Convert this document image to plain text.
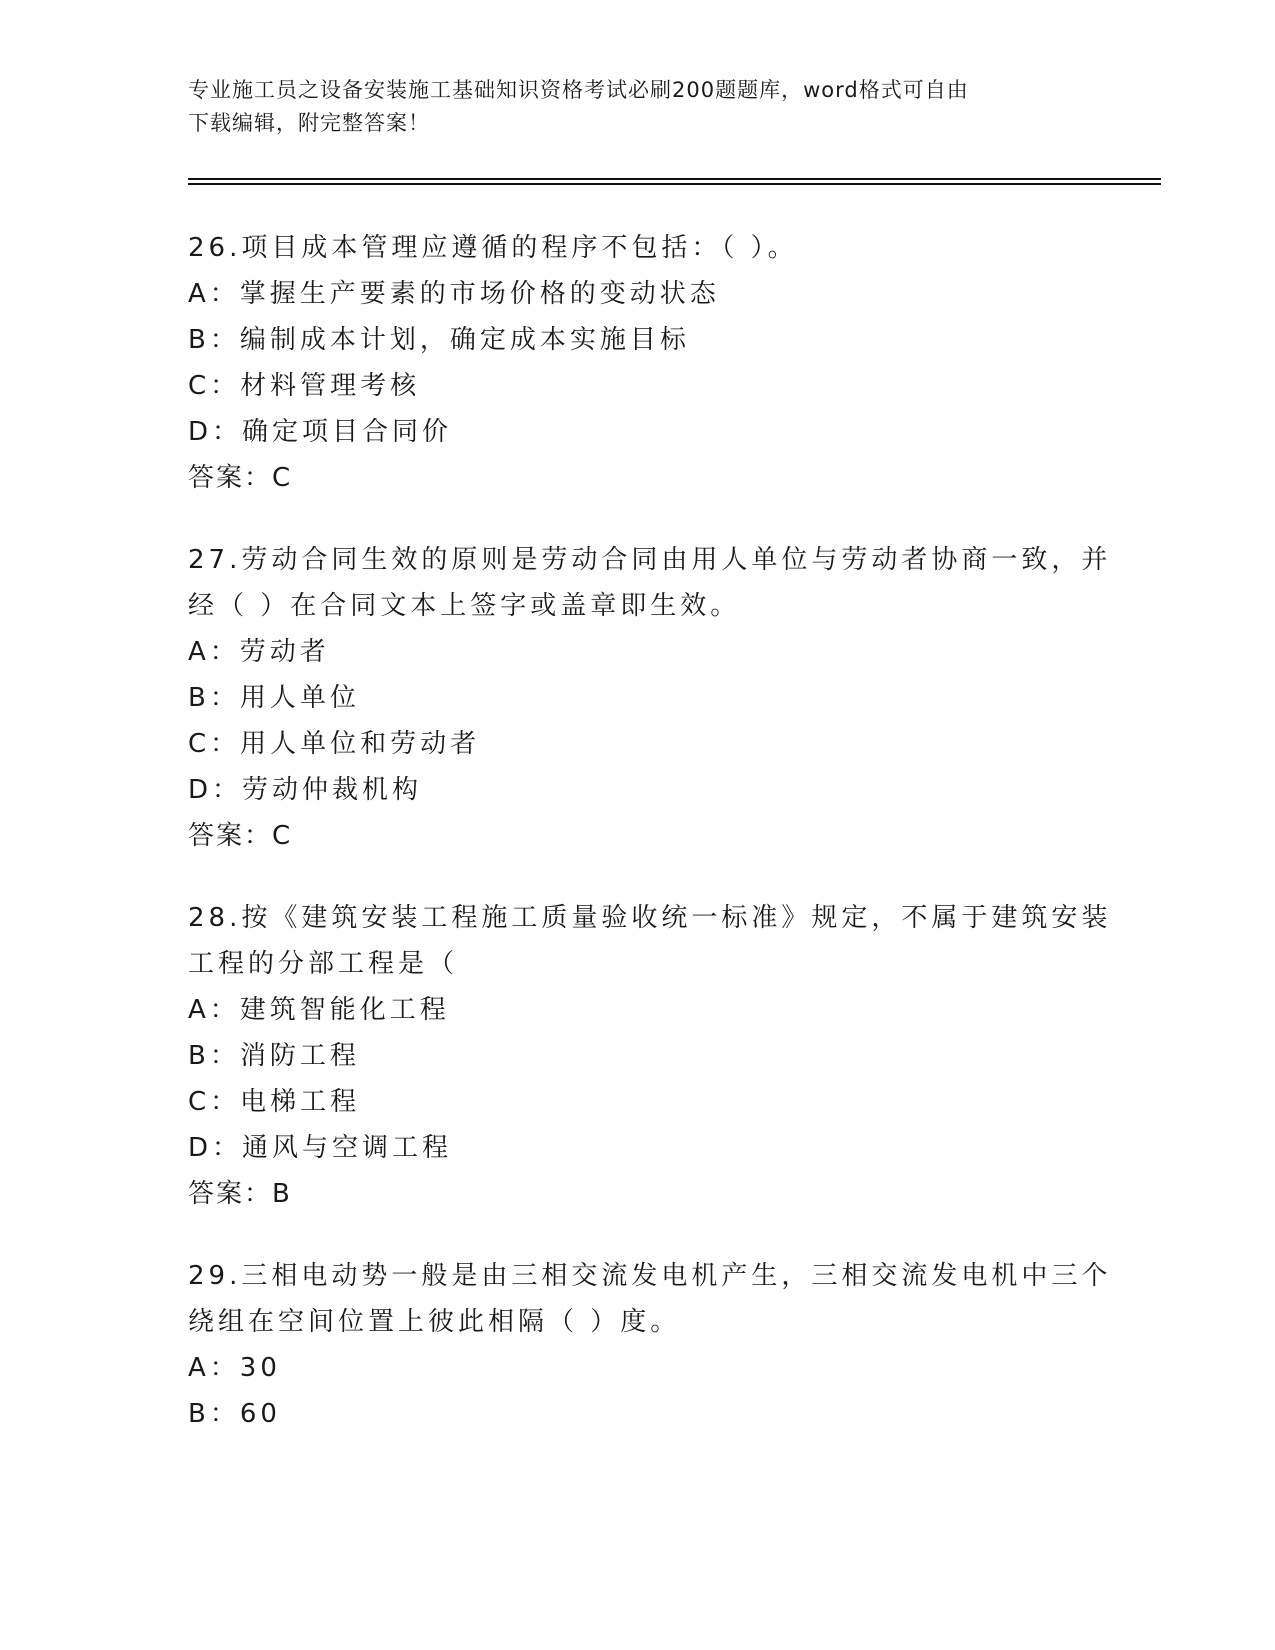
专业施工员之设备安装施工基础知识资格考试必刷200题题库，word格式可自由
下载编辑，附完整答案！
26.项目成本管理应遵循的程序不包括：（ ）。
A：掌握生产要素的市场价格的变动状态
B：编制成本计划，确定成本实施目标
C：材料管理考核
D：确定项目合同价
答案：C
27.劳动合同生效的原则是劳动合同由用人单位与劳动者协商一致，并
经（ ）在合同文本上签字或盖章即生效。
A：劳动者
B：用人单位
C：用人单位和劳动者
D：劳动仲裁机构
答案：C
28.按《建筑安装工程施工质量验收统一标准》规定，不属于建筑安装
工程的分部工程是（
A：建筑智能化工程
B：消防工程
C：电梯工程
D：通风与空调工程
答案：B
29.三相电动势一般是由三相交流发电机产生，三相交流发电机中三个
绕组在空间位置上彼此相隔（ ）度。
A：30
B：60
